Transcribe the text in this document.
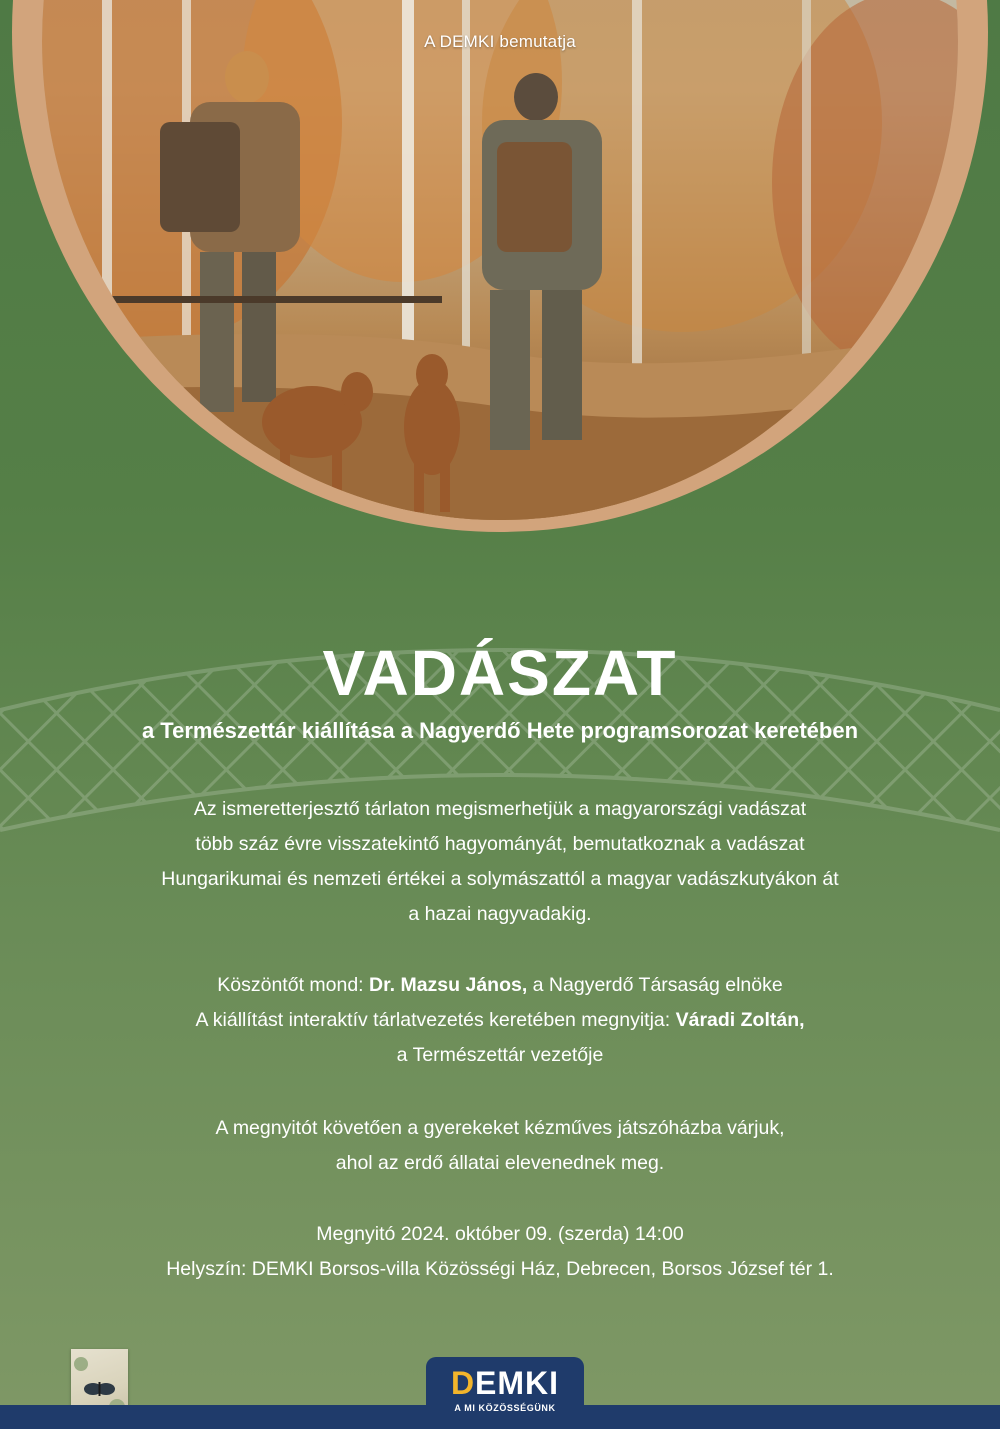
A DEMKI bemutatja
VADÁSZAT
a Természettár kiállítása a Nagyerdő Hete programsorozat keretében

Az ismeretterjesztő tárlaton megismerhetjük a magyarországi vadászat

több száz évre visszatekintő hagyományát, bemutatkoznak a vadászat

Hungarikumai és nemzeti értékei a solymászattól a magyar vadászkutyákon át

a hazai nagyvadakig.

Köszöntőt mond: Dr. Mazsu János, a Nagyerdő Társaság elnöke

A kiállítást interaktív tárlatvezetés keretében megnyitja: Váradi Zoltán,

a Természettár vezetője

A megnyitót követően a gyerekeket kézműves játszóházba várjuk,

ahol az erdő állatai elevenednek meg.

Megnyitó 2024. október 09. (szerda) 14:00

Helyszín: DEMKI Borsos-villa Közösségi Ház, Debrecen, Borsos József tér 1.

DEMKI
A MI KÖZÖSSÉGÜNK
